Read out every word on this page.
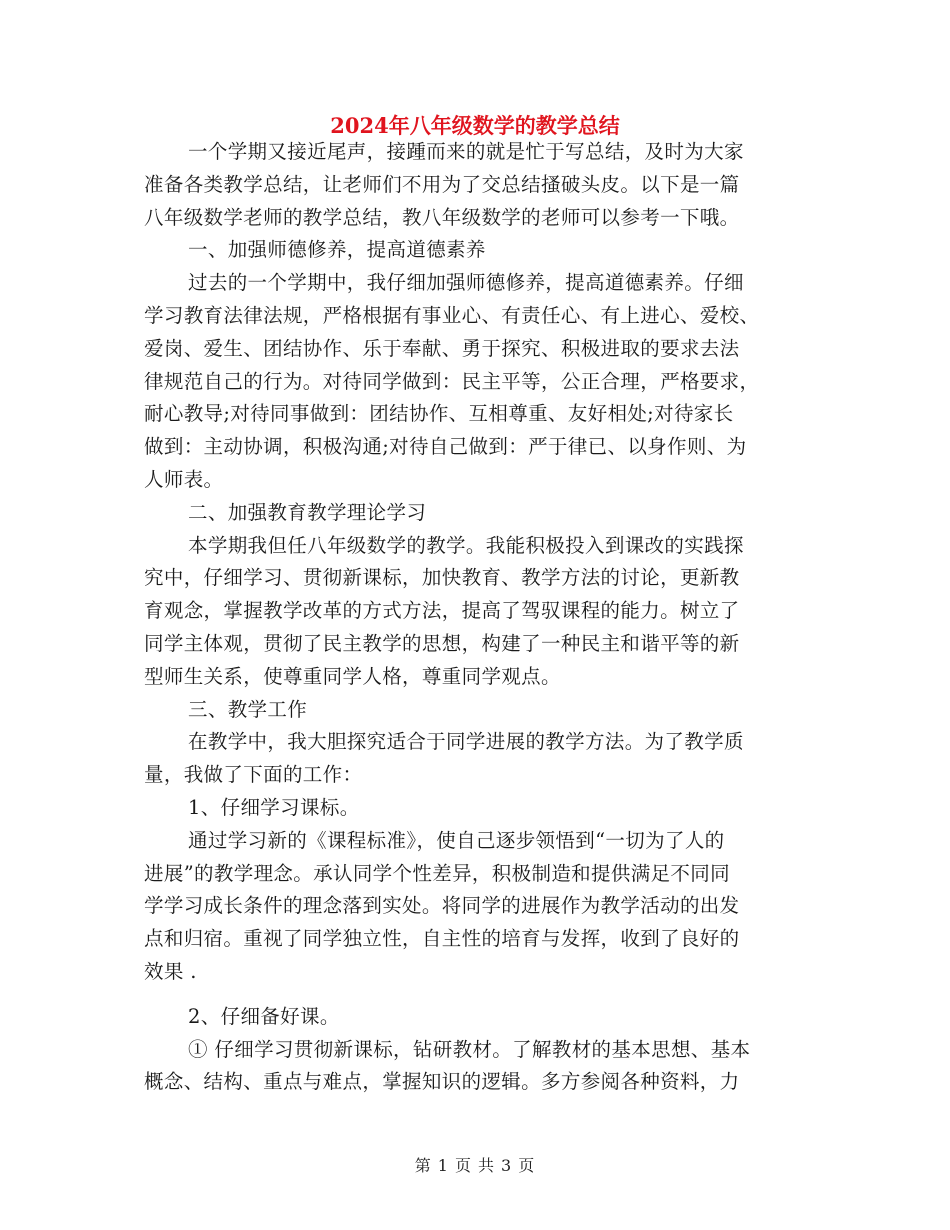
2024年八年级数学的教学总结
一个学期又接近尾声，接踵而来的就是忙于写总结，及时为大家
准备各类教学总结，让老师们不用为了交总结搔破头皮。以下是一篇
八年级数学老师的教学总结，教八年级数学的老师可以参考一下哦。
一、加强师德修养，提高道德素养
过去的一个学期中，我仔细加强师德修养，提高道德素养。仔细
学习教育法律法规，严格根据有事业心、有责任心、有上进心、爱校、
爱岗、爱生、团结协作、乐于奉献、勇于探究、积极进取的要求去法
律规范自己的行为。对待同学做到：民主平等，公正合理，严格要求，
耐心教导;对待同事做到：团结协作、互相尊重、友好相处;对待家长
做到：主动协调，积极沟通;对待自己做到：严于律已、以身作则、为
人师表。
二、加强教育教学理论学习
本学期我但任八年级数学的教学。我能积极投入到课改的实践探
究中，仔细学习、贯彻新课标，加快教育、教学方法的讨论，更新教
育观念，掌握教学改革的方式方法，提高了驾驭课程的能力。树立了
同学主体观，贯彻了民主教学的思想，构建了一种民主和谐平等的新
型师生关系，使尊重同学人格，尊重同学观点。
三、教学工作
在教学中，我大胆探究适合于同学进展的教学方法。为了教学质
量，我做了下面的工作：
1、仔细学习课标。
通过学习新的《课程标准》，使自己逐步领悟到“一切为了人的
进展”的教学理念。承认同学个性差异，积极制造和提供满足不同同
学学习成长条件的理念落到实处。将同学的进展作为教学活动的出发
点和归宿。重视了同学独立性，自主性的培育与发挥，收到了良好的
效果 .
2、仔细备好课。
① 仔细学习贯彻新课标，钻研教材。了解教材的基本思想、基本
概念、结构、重点与难点，掌握知识的逻辑。多方参阅各种资料，力
第 1 页 共 3 页
